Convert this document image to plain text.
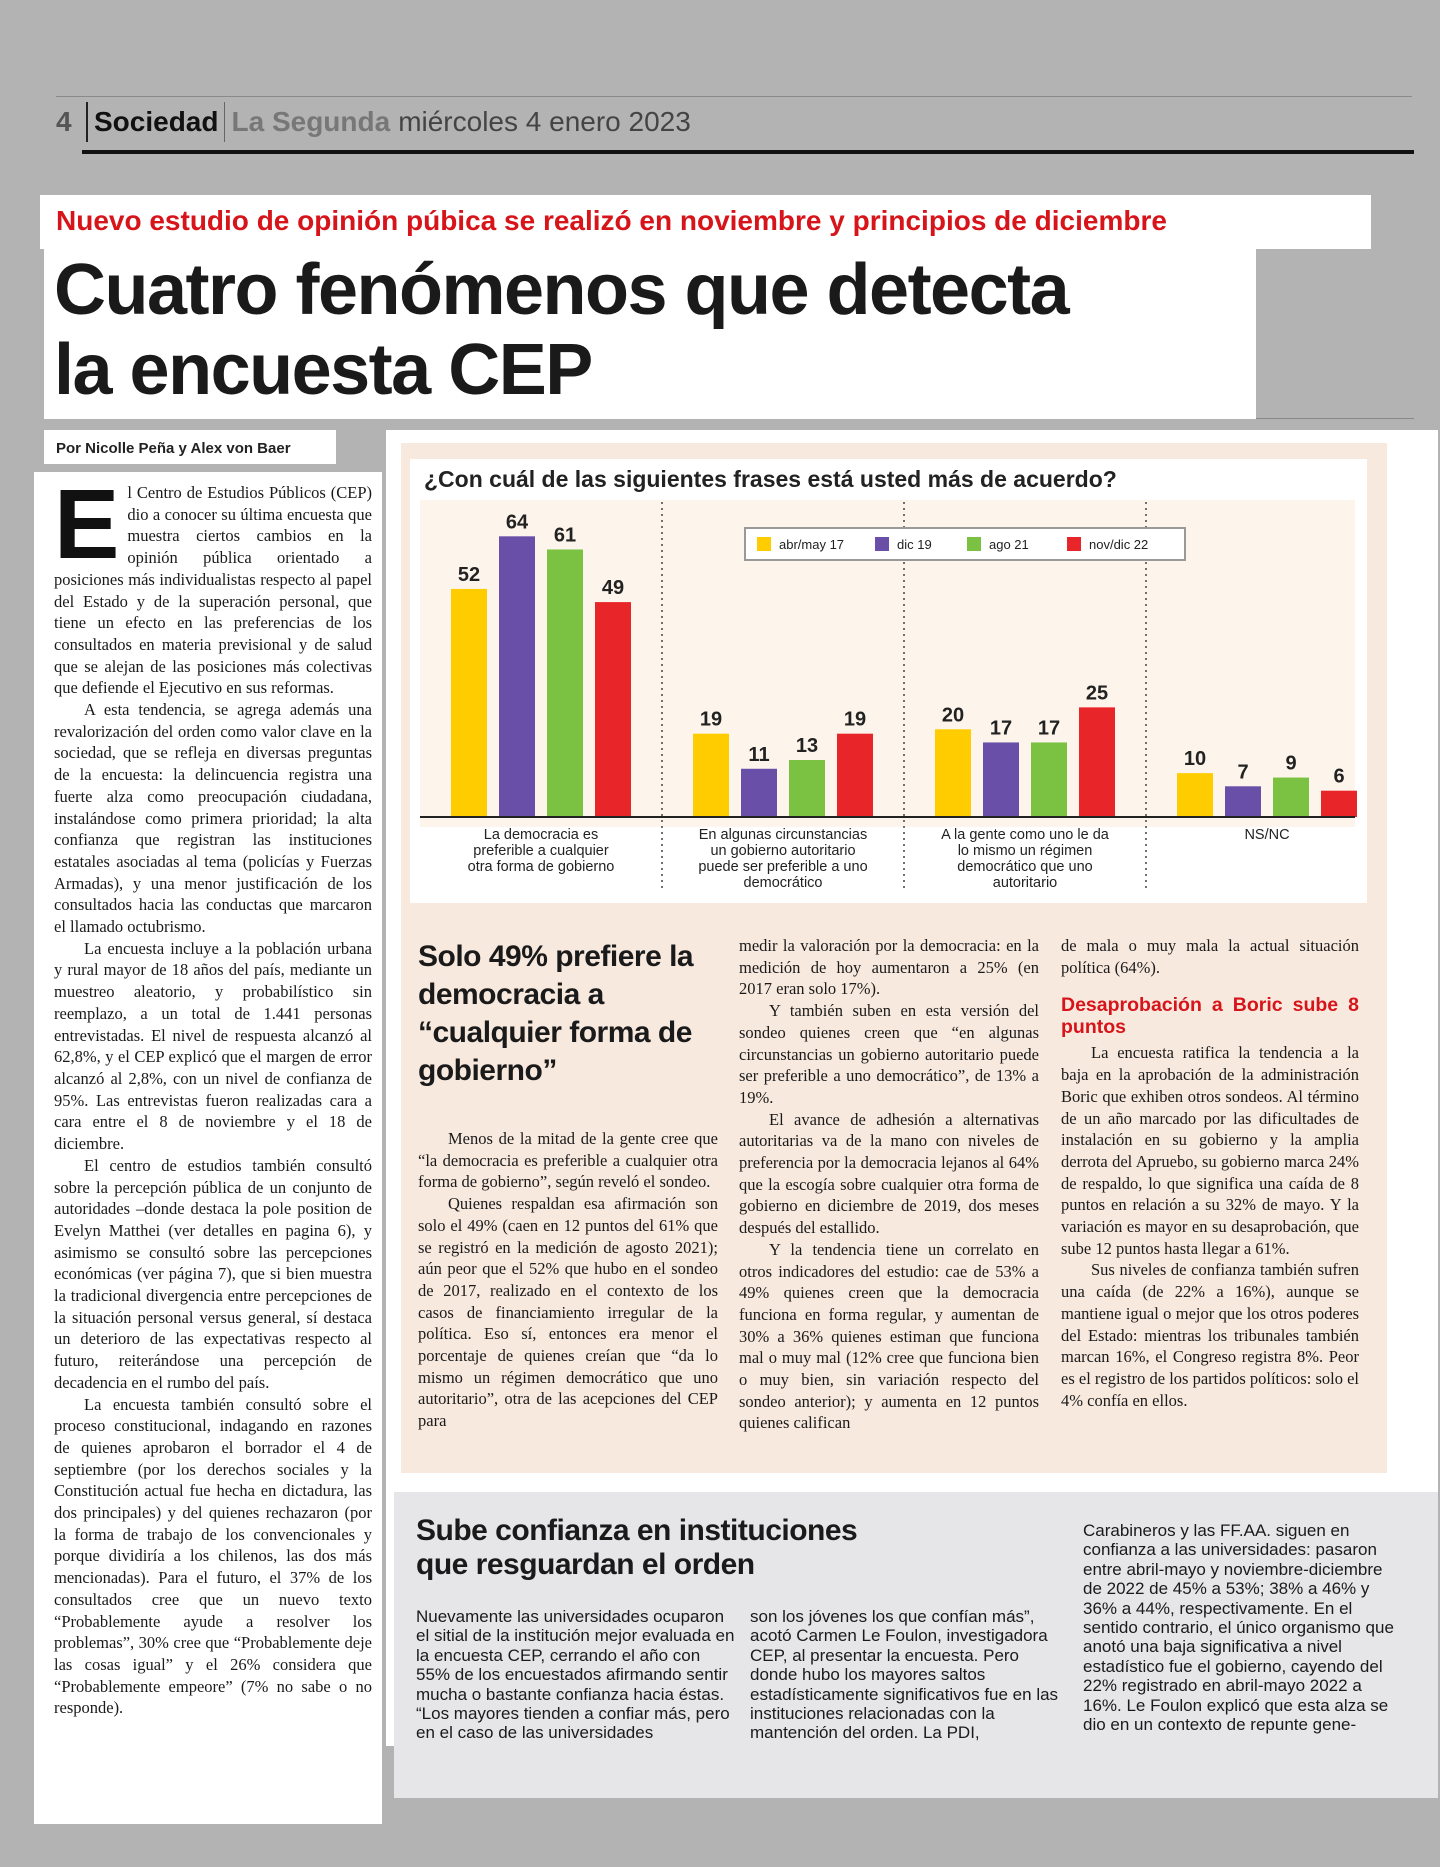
4 Sociedad La Segunda miércoles 4 enero 2023
Nuevo estudio de opinión púbica se realizó en noviembre y principios de diciembre
Cuatro fenómenos que detecta
la encuesta CEP
Por Nicolle Peña y Alex von Baer

El Centro de Estudios Públicos (CEP) dio a conocer su última encuesta que muestra ciertos cambios en la opinión pública orientado a posiciones más individualistas respecto al papel del Estado y de la superación personal, que tiene un efecto en las preferencias de los consultados en materia previsional y de salud que se alejan de las posiciones más colectivas que defiende el Ejecutivo en sus reformas.

A esta tendencia, se agrega además una revalorización del orden como valor clave en la sociedad, que se refleja en diversas preguntas de la encuesta: la delincuencia registra una fuerte alza como preocupación ciudadana, instalándose como primera prioridad; la alta confianza que registran las instituciones estatales asociadas al tema (policías y Fuerzas Armadas), y una menor justificación de los consultados hacia las conductas que marcaron el llamado octubrismo.

La encuesta incluye a la población urbana y rural mayor de 18 años del país, mediante un muestreo aleatorio, y probabilístico sin reemplazo, a un total de 1.441 personas entrevistadas. El nivel de respuesta alcanzó al 62,8%, y el CEP explicó que el margen de error alcanzó al 2,8%, con un nivel de confianza de 95%. Las entrevistas fueron realizadas cara a cara entre el 8 de noviembre y el 18 de diciembre.

El centro de estudios también consultó sobre la percepción pública de un conjunto de autoridades –donde destaca la pole position de Evelyn Matthei (ver detalles en pagina 6), y asimismo se consultó sobre las percepciones económicas (ver página 7), que si bien muestra la tradicional divergencia entre percepciones de la situación personal versus general, sí destaca un deterioro de las expectativas respecto al futuro, reiterándose una percepción de decadencia en el rumbo del país.

La encuesta también consultó sobre el proceso constitucional, indagando en razones de quienes aprobaron el borrador el 4 de septiembre (por los derechos sociales y la Constitución actual fue hecha en dictadura, las dos principales) y del quienes rechazaron (por la forma de trabajo de los convencionales y porque dividiría a los chilenos, las dos más mencionadas). Para el futuro, el 37% de los consultados cree que un nuevo texto “Probablemente ayude a resolver los problemas”, 30% cree que “Probablemente deje las cosas igual” y el 26% considera que “Probablemente empeore” (7% no sabe o no responde).

¿Con cuál de las siguientes frases está usted más de acuerdo?
52
64
61
49
La democracia es
preferible a cualquier
otra forma de gobierno
19
11 13
19
En algunas circunstancias
un gobierno autoritario
puede ser preferible a uno
democrático
20
17 17
25
A la gente como uno le da
lo mismo un régimen
democrático que uno
autoritario
10
7 9
6
NS/NC
abr/may 17	dic 19	ago 21	nov/dic 22
Solo 49% prefiere la democracia a “cualquier forma de gobierno”

Menos de la mitad de la gente cree que “la democracia es preferible a cualquier otra forma de gobierno”, según reveló el sondeo.

Quienes respaldan esa afirmación son solo el 49% (caen en 12 puntos del 61% que se registró en la medición de agosto 2021); aún peor que el 52% que hubo en el sondeo de 2017, realizado en el contexto de los casos de financiamiento irregular de la política. Eso sí, entonces era menor el porcentaje de quienes creían que “da lo mismo un régimen democrático que uno autoritario”, otra de las acepciones del CEP para

medir la valoración por la democracia: en la medición de hoy aumentaron a 25% (en 2017 eran solo 17%).

Y también suben en esta versión del sondeo quienes creen que “en algunas circunstancias un gobierno autoritario puede ser preferible a uno democrático”, de 13% a 19%.

El avance de adhesión a alternativas autoritarias va de la mano con niveles de preferencia por la democracia lejanos al 64% que la escogía sobre cualquier otra forma de gobierno en diciembre de 2019, dos meses después del estallido.

Y la tendencia tiene un correlato en otros indicadores del estudio: cae de 53% a 49% quienes creen que la democracia funciona en forma regular, y aumentan de 30% a 36% quienes estiman que funciona mal o muy mal (12% cree que funciona bien o muy bien, sin variación respecto del sondeo anterior); y aumenta en 12 puntos quienes califican

de mala o muy mala la actual situación política (64%).

Desaprobación a Boric sube 8 puntos

La encuesta ratifica la tendencia a la baja en la aprobación de la administración Boric que exhiben otros sondeos. Al término de un año marcado por las dificultades de instalación en su gobierno y la amplia derrota del Apruebo, su gobierno marca 24% de respaldo, lo que significa una caída de 8 puntos en relación a su 32% de mayo. Y la variación es mayor en su desaprobación, que sube 12 puntos hasta llegar a 61%.

Sus niveles de confianza también sufren una caída (de 22% a 16%), aunque se mantiene igual o mejor que los otros poderes del Estado: mientras los tribunales también marcan 16%, el Congreso registra 8%. Peor es el registro de los partidos políticos: solo el 4% confía en ellos.

Sube confianza en instituciones
que resguardan el orden
Nuevamente las universidades ocuparon el sitial de la institución mejor evaluada en la encuesta CEP, cerrando el año con 55% de los encuestados afirmando sentir mucha o bastante confianza hacia éstas. “Los mayores tienden a confiar más, pero en el caso de las universidades
son los jóvenes los que confían más”, acotó Carmen Le Foulon, investigadora CEP, al presentar la encuesta. Pero donde hubo los mayores saltos estadísticamente significativos fue en las instituciones relacionadas con la mantención del orden. La PDI,
Carabineros y las FF.AA. siguen en confianza a las universidades: pasaron entre abril-mayo y noviembre-diciembre de 2022 de 45% a 53%; 38% a 46% y 36% a 44%, respectivamente. En el sentido contrario, el único organismo que anotó una baja significativa a nivel estadístico fue el gobierno, cayendo del 22% registrado en abril-mayo 2022 a 16%. Le Foulon explicó que esta alza se dio en un contexto de repunte gene-
